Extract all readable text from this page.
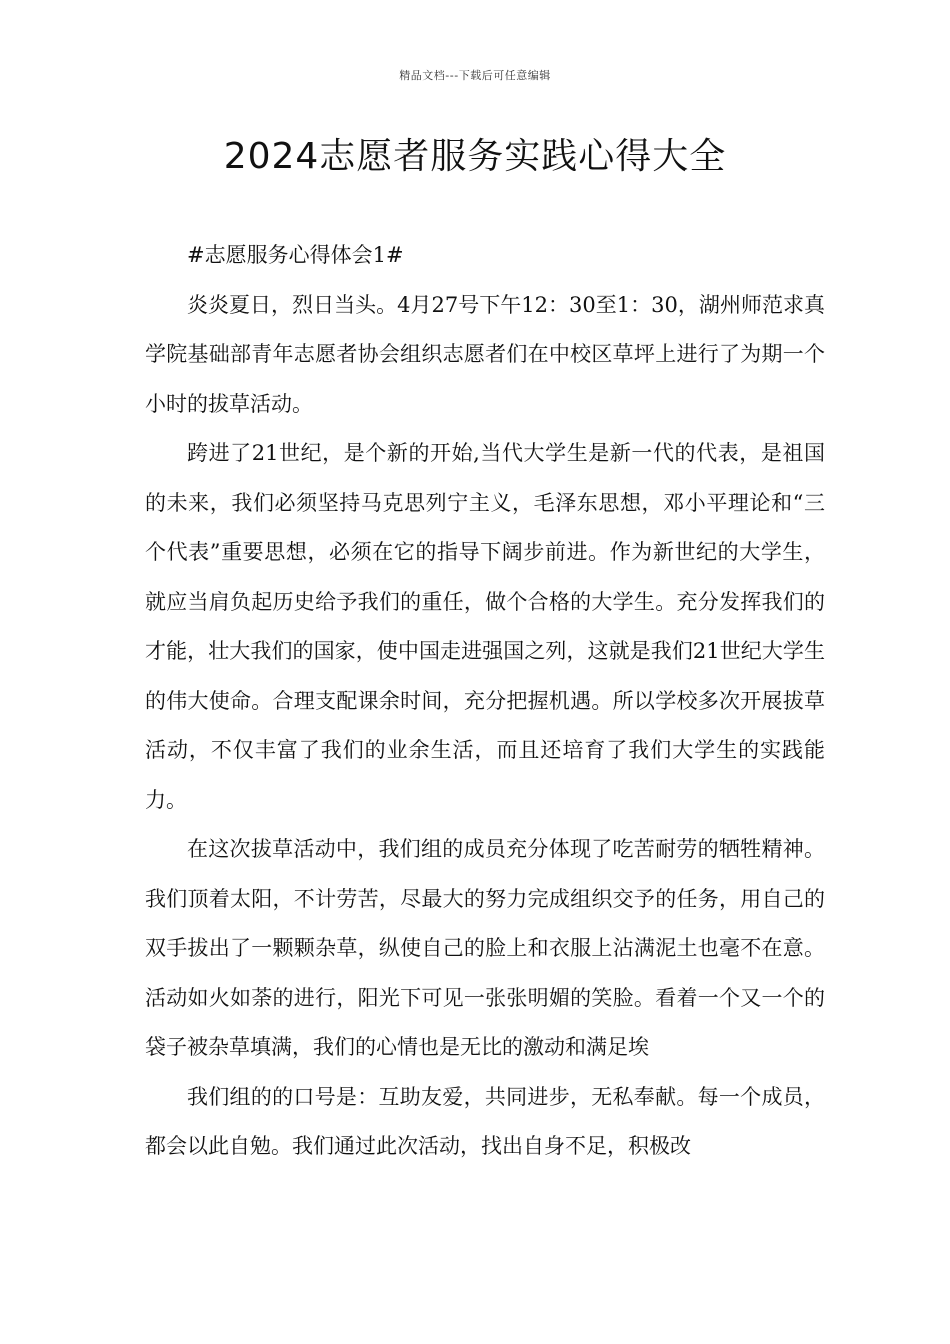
精品文档---下载后可任意编辑
2024志愿者服务实践心得大全

#志愿服务心得体会1#

炎炎夏日，烈日当头。4月27号下午12：30至1：30，湖州师范求真学院基础部青年志愿者协会组织志愿者们在中校区草坪上进行了为期一个小时的拔草活动。

跨进了21世纪，是个新的开始,当代大学生是新一代的代表，是祖国的未来，我们必须坚持马克思列宁主义，毛泽东思想，邓小平理论和“三个代表”重要思想，必须在它的指导下阔步前进。作为新世纪的大学生，就应当肩负起历史给予我们的重任，做个合格的大学生。充分发挥我们的才能，壮大我们的国家，使中国走进强国之列，这就是我们21世纪大学生的伟大使命。合理支配课余时间，充分把握机遇。所以学校多次开展拔草活动，不仅丰富了我们的业余生活，而且还培育了我们大学生的实践能力。

在这次拔草活动中，我们组的成员充分体现了吃苦耐劳的牺牲精神。我们顶着太阳，不计劳苦，尽最大的努力完成组织交予的任务，用自己的双手拔出了一颗颗杂草，纵使自己的脸上和衣服上沾满泥土也毫不在意。活动如火如荼的进行，阳光下可见一张张明媚的笑脸。看着一个又一个的袋子被杂草填满，我们的心情也是无比的激动和满足埃

我们组的的口号是：互助友爱，共同进步，无私奉献。每一个成员，都会以此自勉。我们通过此次活动，找出自身不足，积极改
